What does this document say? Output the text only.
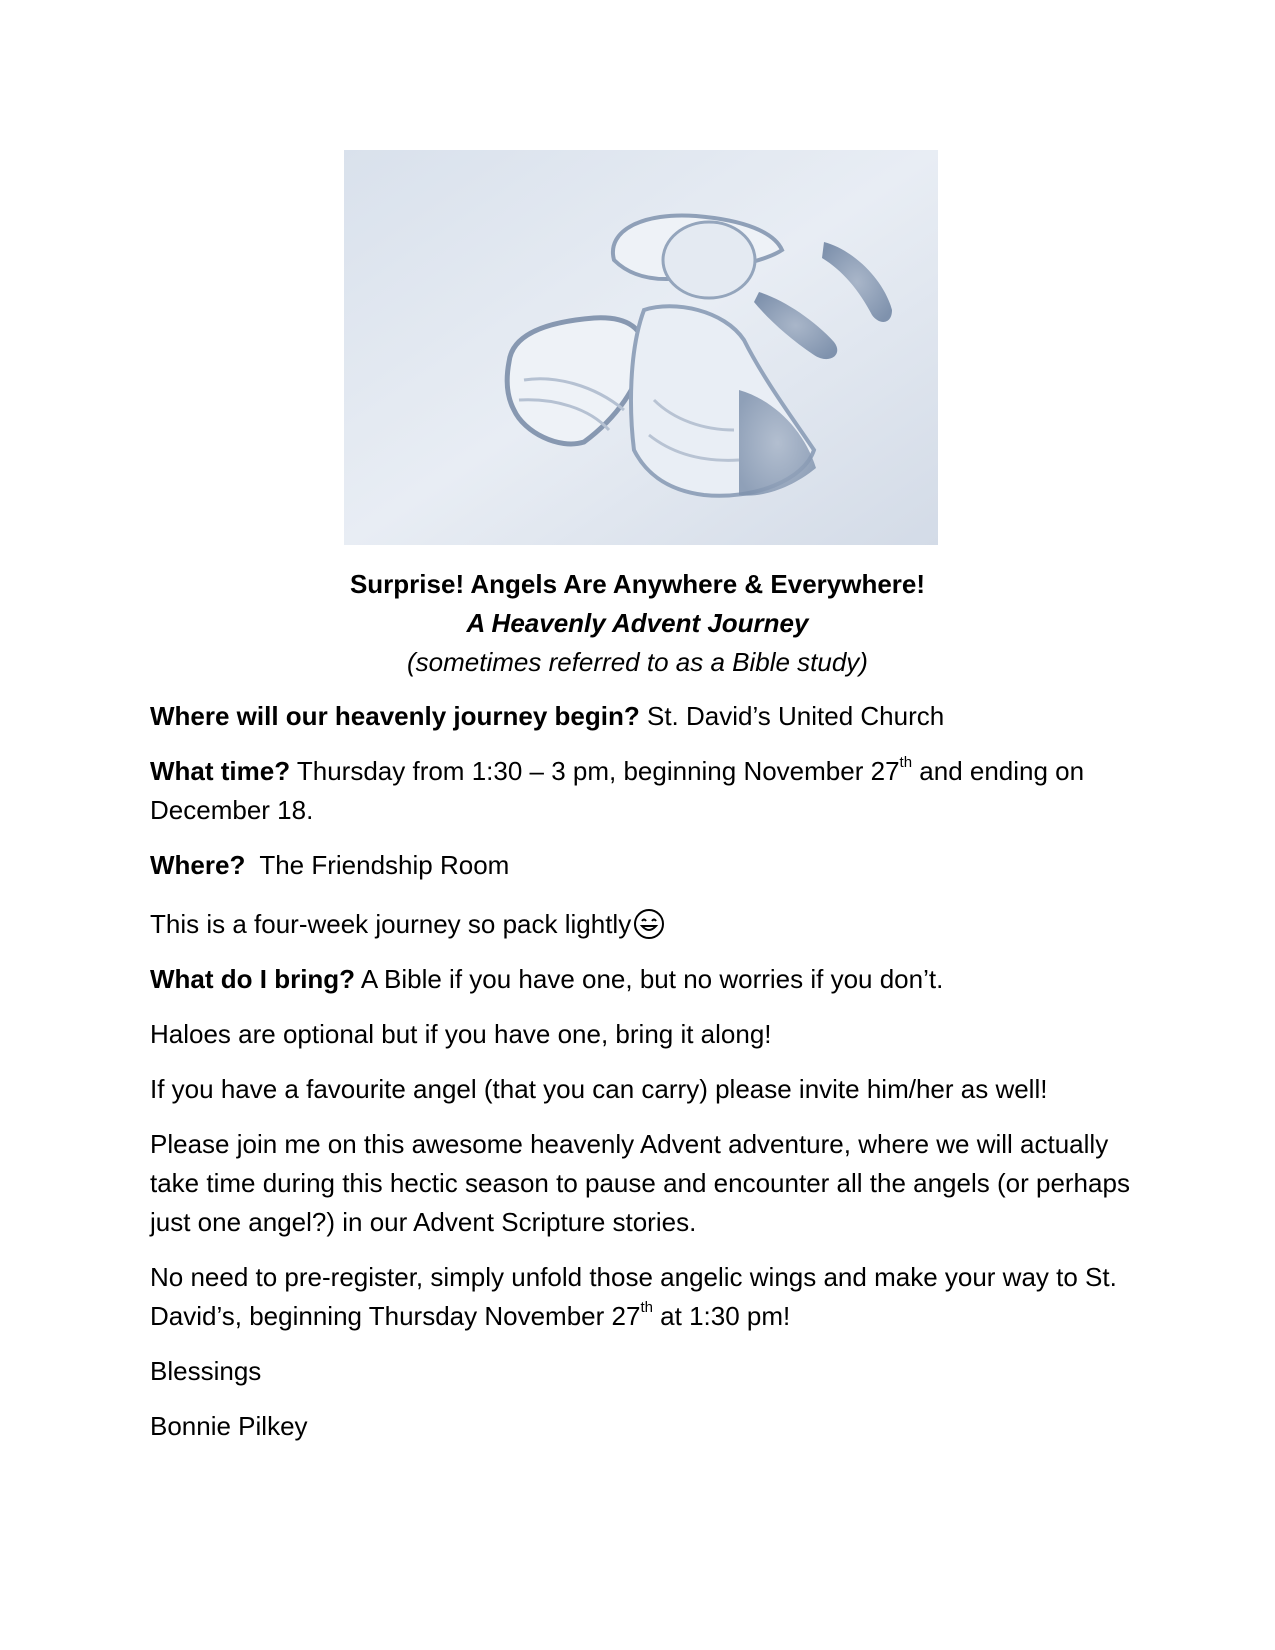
Surprise! Angels Are Anywhere & Everywhere!
A Heavenly Advent Journey
(sometimes referred to as a Bible study)

Where will our heavenly journey begin? St. David’s United Church

What time? Thursday from 1:30 – 3 pm, beginning November 27th and ending on December 18.

Where?  The Friendship Room

This is a four-week journey so pack lightly

What do I bring? A Bible if you have one, but no worries if you don’t.

Haloes are optional but if you have one, bring it along!

If you have a favourite angel (that you can carry) please invite him/her as well!

Please join me on this awesome heavenly Advent adventure, where we will actually take time during this hectic season to pause and encounter all the angels (or perhaps just one angel?) in our Advent Scripture stories.

No need to pre-register, simply unfold those angelic wings and make your way to St. David’s, beginning Thursday November 27th at 1:30 pm!

Blessings

Bonnie Pilkey
